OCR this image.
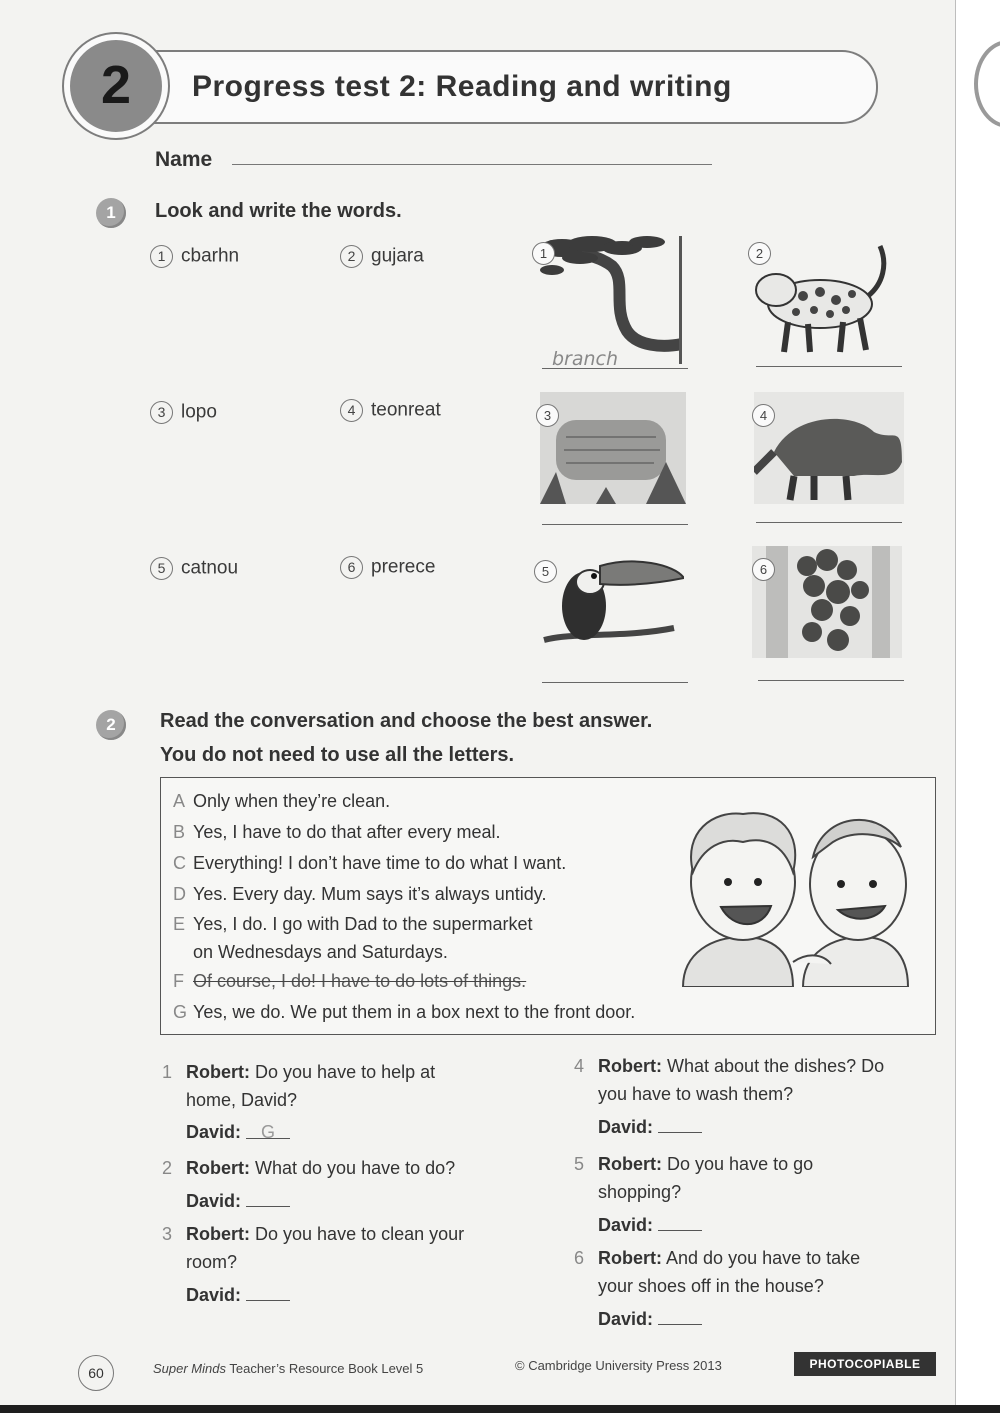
2	Progress test 2: Reading and writing
Name
1	Look and write the words.
1 cbarhn	2 gujara
3 lopo	4 teonreat
5 catnou	6 prerece
1
branch
2
3	4
5	6
2	Read the conversation and choose the best answer.
You do not need to use all the letters.
A Only when they’re clean.
B Yes, I have to do that after every meal.
C Everything! I don’t have time to do what I want.
D Yes. Every day. Mum says it’s always untidy.
E Yes, I do. I go with Dad to the supermarket
on Wednesdays and Saturdays.
F Of course, I do! I have to do lots of things.
G Yes, we do. We put them in a box next to the front door.
1 Robert: Do you have to help at
home, David?
David: G
2 Robert: What do you have to do?
David:
3 Robert: Do you have to clean your
room?
David:
4 Robert: What about the dishes? Do
you have to wash them?
David:
5 Robert: Do you have to go
shopping?
David:
6 Robert: And do you have to take
your shoes off in the house?
David:
60	Super Minds Teacher’s Resource Book Level 5	© Cambridge University Press 2013	PHOTOCOPIABLE
